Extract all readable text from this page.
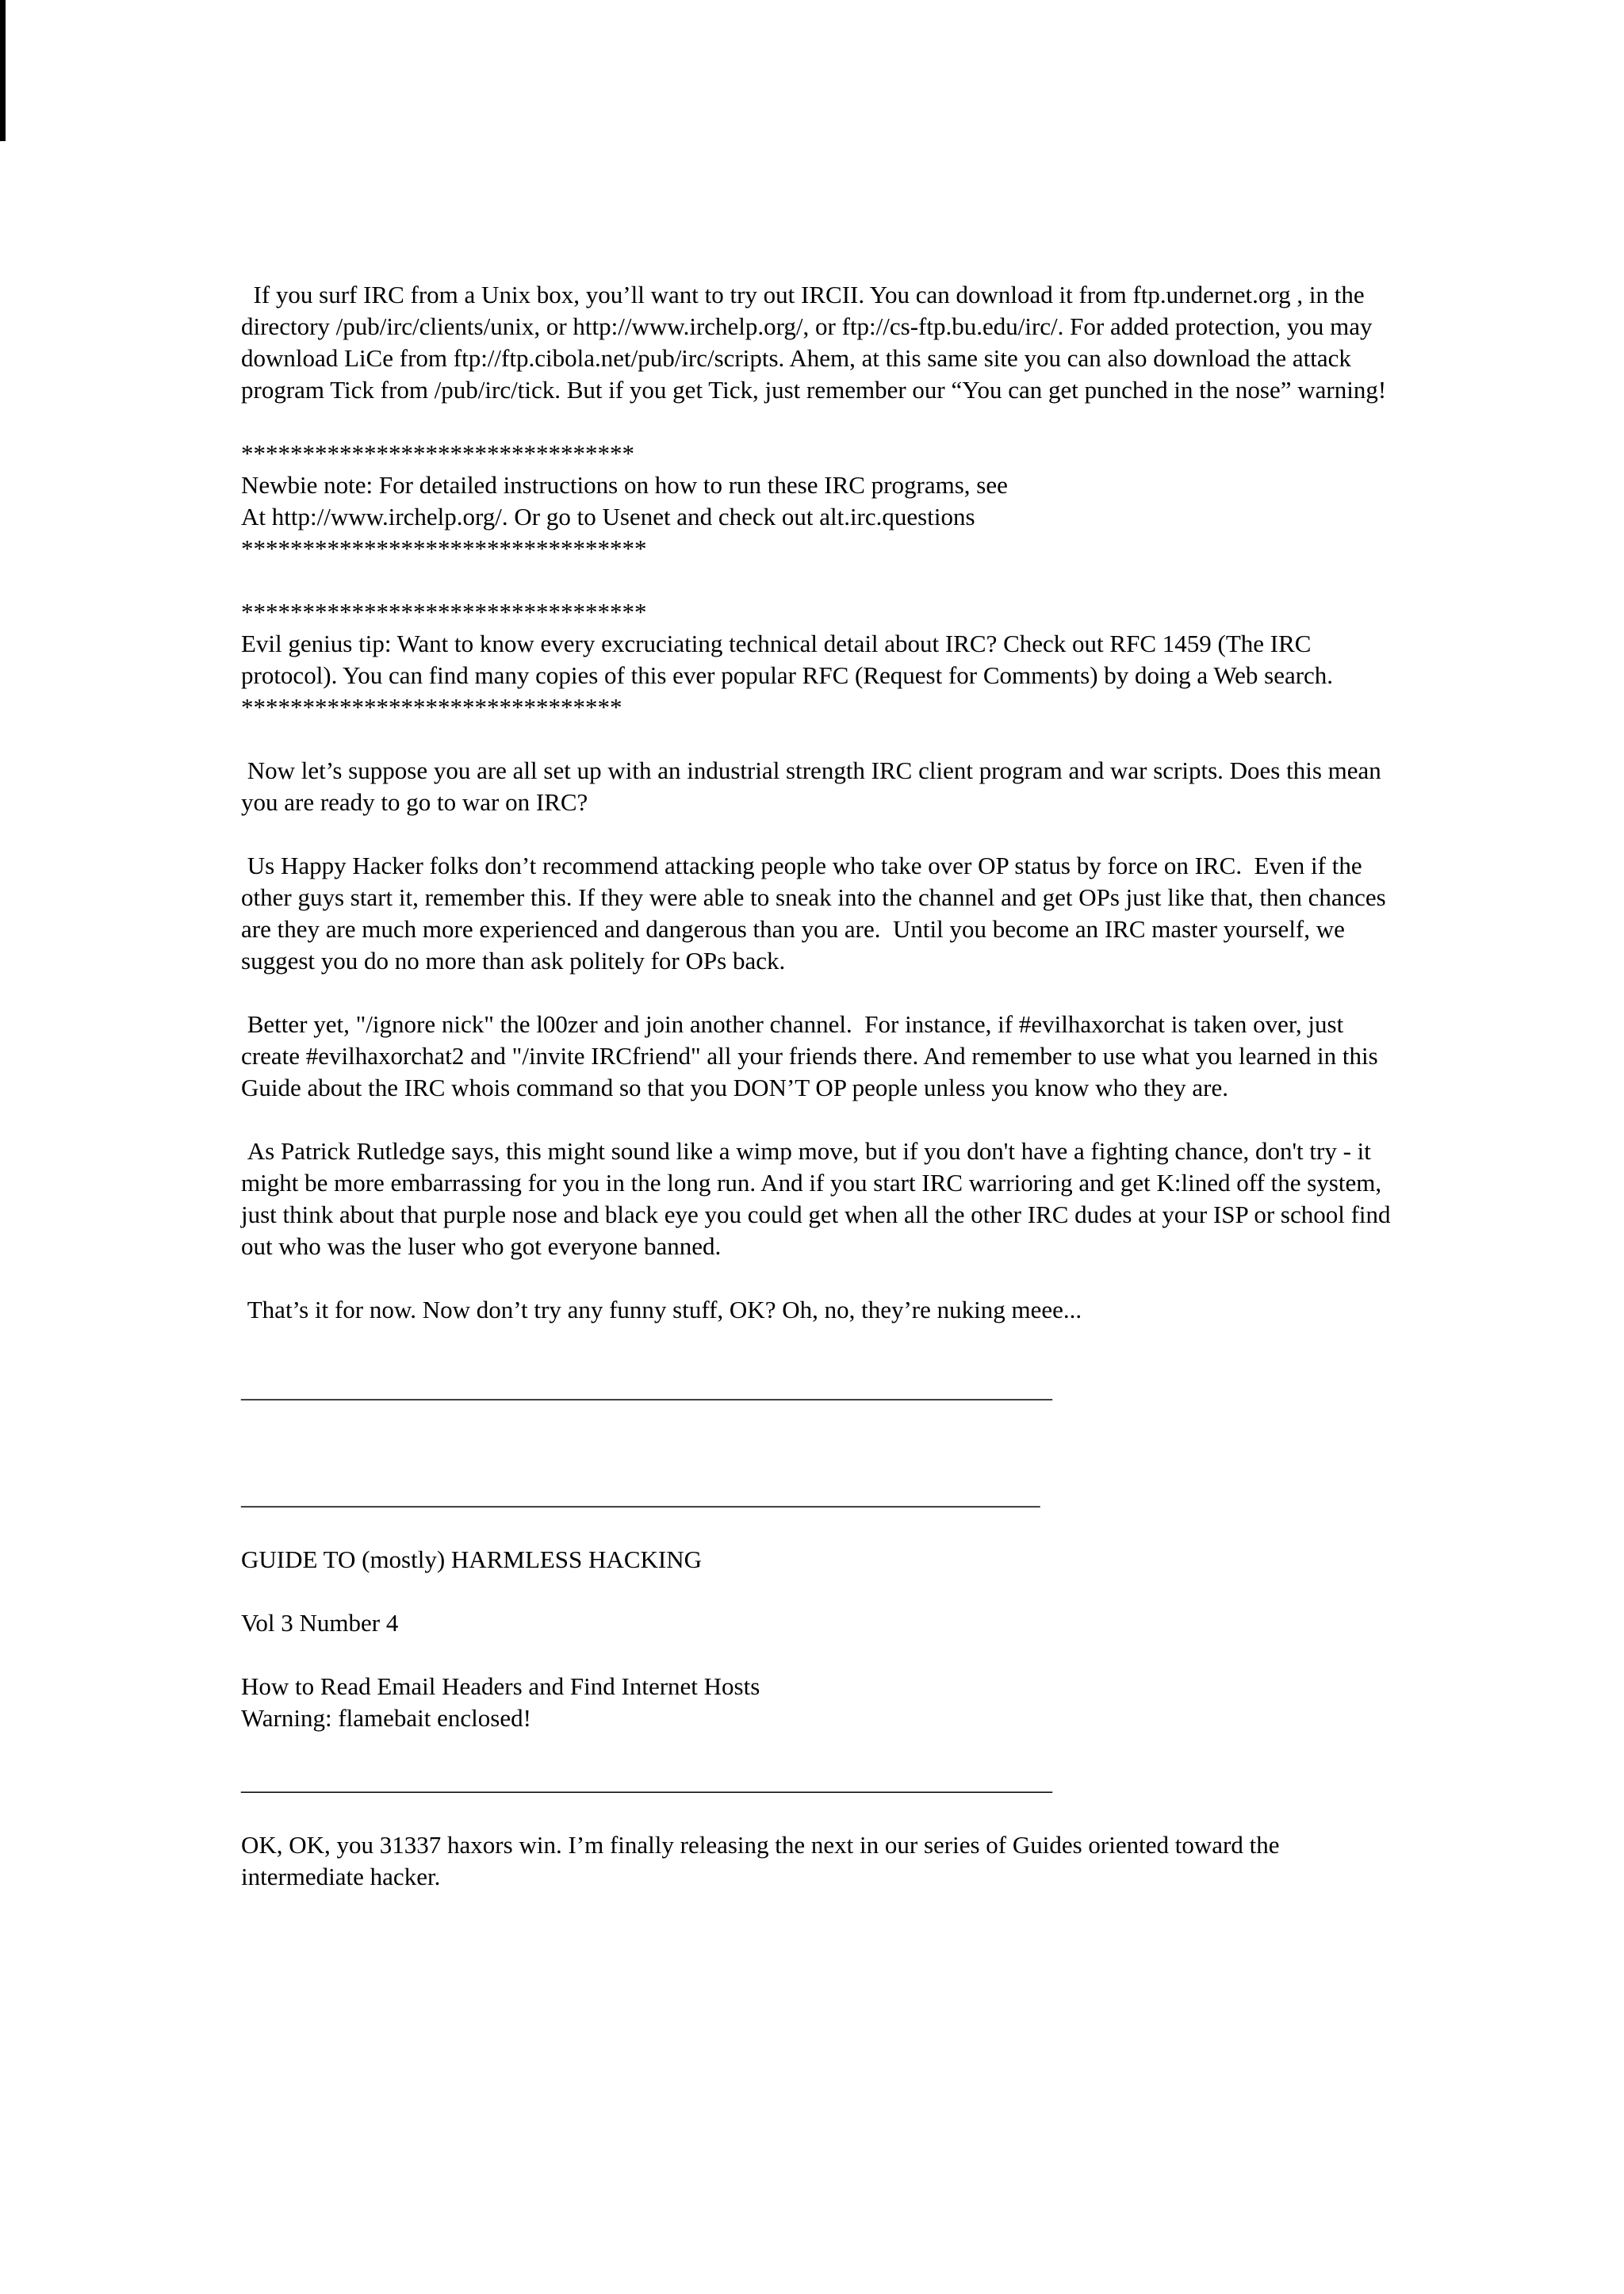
If you surf IRC from a Unix box, you’ll want to try out IRCII. You can download it from ftp.undernet.org , in the directory /pub/irc/clients/unix, or http://www.irchelp.org/, or ftp://cs-ftp.bu.edu/irc/. For added protection, you may download LiCe from ftp://ftp.cibola.net/pub/irc/scripts. Ahem, at this same site you can also download the attack program Tick from /pub/irc/tick. But if you get Tick, just remember our “You can get punched in the nose” warning!

********************************

Newbie note: For detailed instructions on how to run these IRC programs, see

At http://www.irchelp.org/. Or go to Usenet and check out alt.irc.questions

*********************************

*********************************

Evil genius tip: Want to know every excruciating technical detail about IRC? Check out RFC 1459 (The IRC protocol). You can find many copies of this ever popular RFC (Request for Comments) by doing a Web search.

*******************************

Now let’s suppose you are all set up with an industrial strength IRC client program and war scripts. Does this mean you are ready to go to war on IRC?

Us Happy Hacker folks don’t recommend attacking people who take over OP status by force on IRC.  Even if the other guys start it, remember this. If they were able to sneak into the channel and get OPs just like that, then chances are they are much more experienced and dangerous than you are.  Until you become an IRC master yourself, we suggest you do no more than ask politely for OPs back.

Better yet, "/ignore nick" the l00zer and join another channel.  For instance, if #evilhaxorchat is taken over, just create #evilhaxorchat2 and "/invite IRCfriend" all your friends there. And remember to use what you learned in this Guide about the IRC whois command so that you DON’T OP people unless you know who they are.

As Patrick Rutledge says, this might sound like a wimp move, but if you don't have a fighting chance, don't try - it might be more embarrassing for you in the long run. And if you start IRC warrioring and get K:lined off the system, just think about that purple nose and black eye you could get when all the other IRC dudes at your ISP or school find out who was the luser who got everyone banned.

That’s it for now. Now don’t try any funny stuff, OK? Oh, no, they’re nuking meee...

__________________________________________________________________

_________________________________________________________________

GUIDE TO (mostly) HARMLESS HACKING

Vol 3 Number 4

How to Read Email Headers and Find Internet Hosts

Warning: flamebait enclosed!

__________________________________________________________________

OK, OK, you 31337 haxors win. I’m finally releasing the next in our series of Guides oriented toward the intermediate hacker.
